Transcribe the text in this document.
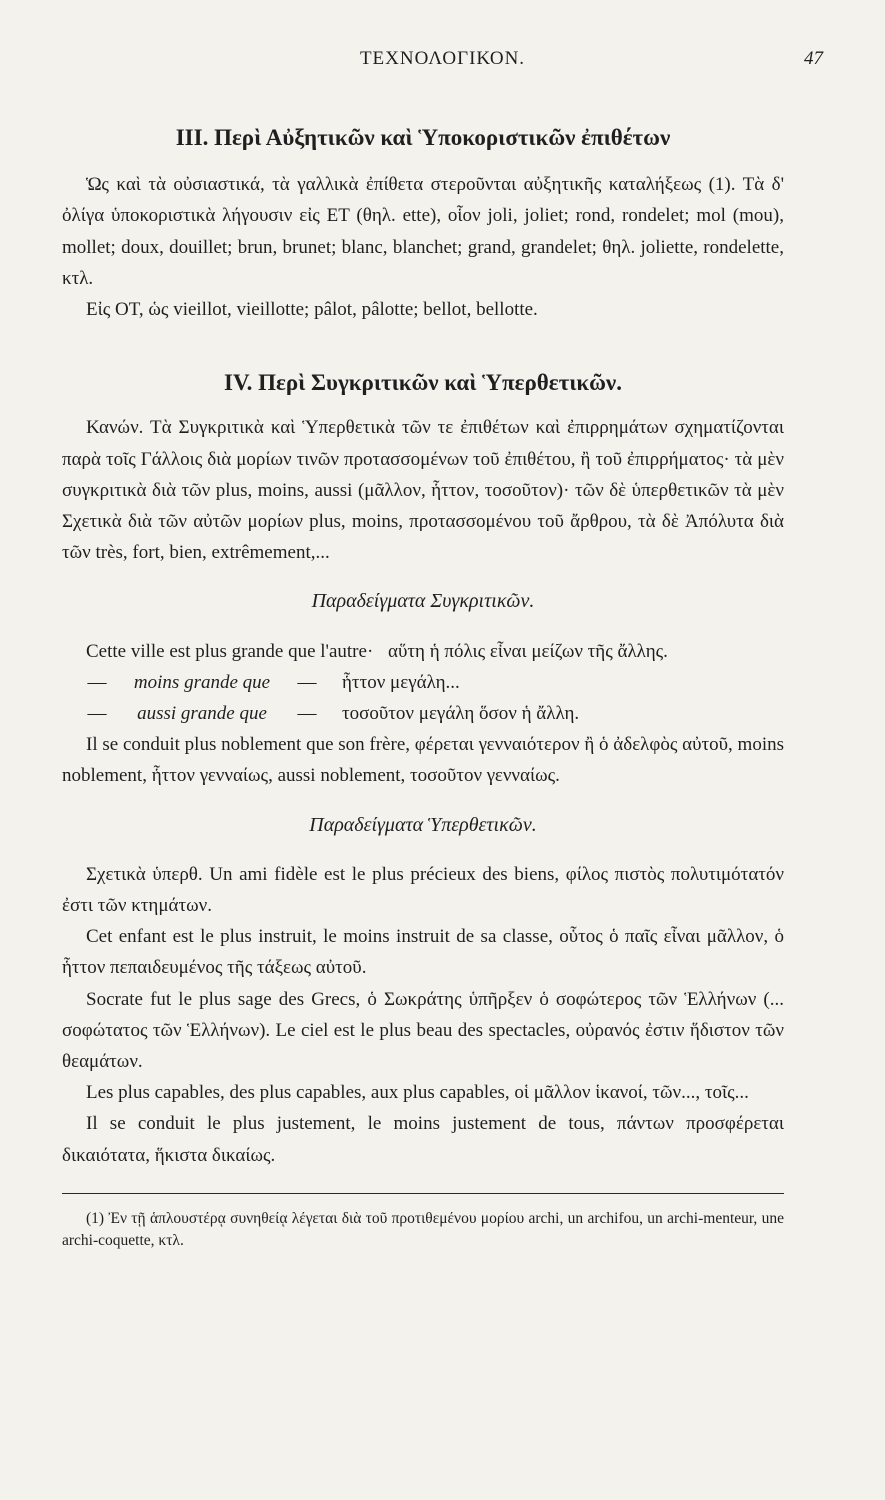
ΤΕΧΝΟΛΟΓΙΚΟΝ.	47
III. Περὶ Αὐξητικῶν καὶ Ὑποκοριστικῶν ἐπιθέτων

Ὡς καὶ τὰ οὐσιαστικά, τὰ γαλλικὰ ἐπίθετα στεροῦνται αὐξητικῆς καταλήξεως (1). Τὰ δ' ὀλίγα ὑποκοριστικὰ λήγουσιν εἰς ET (θηλ. ette), οἷον joli, joliet; rond, rondelet; mol (mou), mollet; doux, douillet; brun, brunet; blanc, blanchet; grand, grandelet; θηλ. joliette, rondelette, κτλ.

Εἰς OT, ὡς vieillot, vieillotte; pâlot, pâlotte; bellot, bellotte.

IV. Περὶ Συγκριτικῶν καὶ Ὑπερθετικῶν.

Κανών. Τὰ Συγκριτικὰ καὶ Ὑπερθετικὰ τῶν τε ἐπιθέτων καὶ ἐπιρρημάτων σχηματίζονται παρὰ τοῖς Γάλλοις διὰ μορίων τινῶν προτασσομένων τοῦ ἐπιθέτου, ἢ τοῦ ἐπιρρήματος· τὰ μὲν συγκριτικὰ διὰ τῶν plus, moins, aussi (μᾶλλον, ἧττον, τοσοῦτον)· τῶν δὲ ὑπερθετικῶν τὰ μὲν Σχετικὰ διὰ τῶν αὐτῶν μορίων plus, moins, προτασσομένου τοῦ ἄρθρου, τὰ δὲ Ἀπόλυτα διὰ τῶν très, fort, bien, extrêmement,...

Παραδείγματα Συγκριτικῶν.

Cette ville est plus grande que l'autre· αὕτη ἡ πόλις εἶναι μείζων τῆς ἄλλης.

—	moins grande que	—	ἧττον μεγάλη...
—	aussi grande que	—	τοσοῦτον μεγάλη ὅσον ἡ ἄλλη.

Il se conduit plus noblement que son frère, φέρεται γενναιότερον ἢ ὁ ἀδελφὸς αὐτοῦ, moins noblement, ἧττον γενναίως, aussi noblement, τοσοῦτον γενναίως.

Παραδείγματα Ὑπερθετικῶν.

Σχετικὰ ὑπερθ. Un ami fidèle est le plus précieux des biens, φίλος πιστὸς πολυτιμότατόν ἐστι τῶν κτημάτων.

Cet enfant est le plus instruit, le moins instruit de sa classe, οὗτος ὁ παῖς εἶναι μᾶλλον, ὁ ἧττον πεπαιδευμένος τῆς τάξεως αὐτοῦ.

Socrate fut le plus sage des Grecs, ὁ Σωκράτης ὑπῆρξεν ὁ σοφώτερος τῶν Ἑλλήνων (... σοφώτατος τῶν Ἑλλήνων). Le ciel est le plus beau des spectacles, οὐρανός ἐστιν ἥδιστον τῶν θεαμάτων.

Les plus capables, des plus capables, aux plus capables, οἱ μᾶλλον ἱκανοί, τῶν..., τοῖς...

Il se conduit le plus justement, le moins justement de tous, πάντων προσφέρεται δικαιότατα, ἥκιστα δικαίως.

(1) Ἐν τῇ ἁπλουστέρᾳ συνηθείᾳ λέγεται διὰ τοῦ προτιθεμένου μορίου archi, un archifou, un archi-menteur, une archi-coquette, κτλ.
